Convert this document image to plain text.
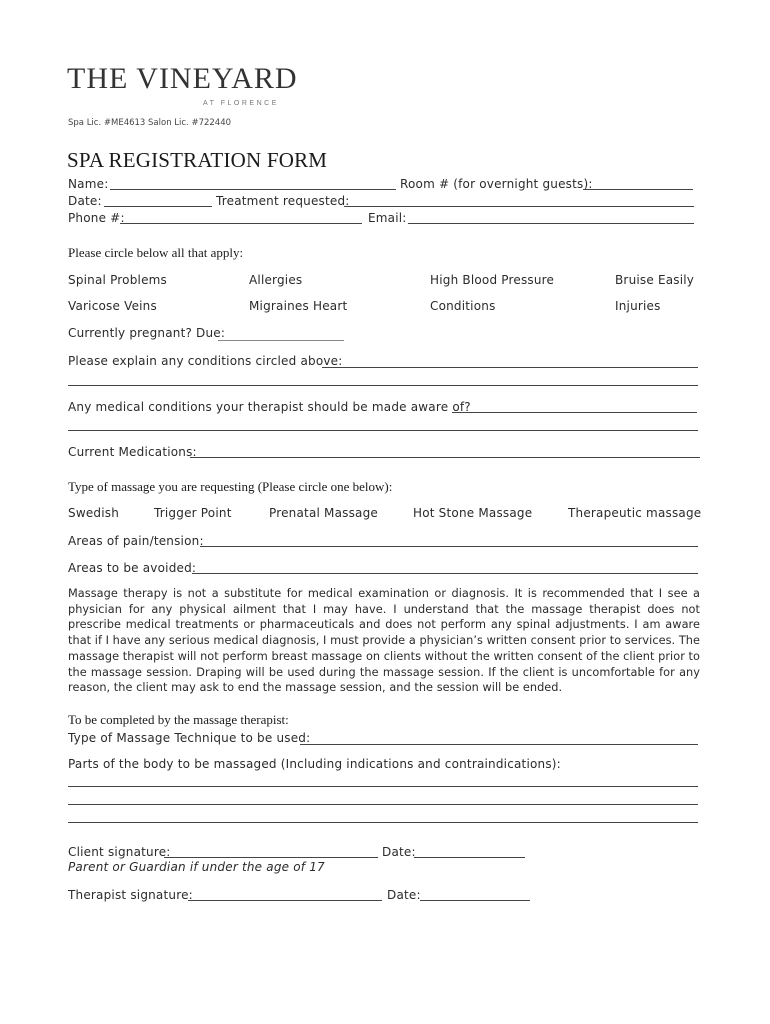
THE VINEYARD
AT FLORENCE
Spa Lic. #ME4613 Salon Lic. #722440
SPA REGISTRATION FORM
Name:	Room # (for overnight guests):
Date:	Treatment requested:
Phone #:	Email:
Please circle below all that apply:
Spinal Problems	Allergies	High Blood Pressure	Bruise Easily
Varicose Veins	Migraines Heart	Conditions	Injuries
Currently pregnant? Due:
Please explain any conditions circled above:
Any medical conditions your therapist should be made aware of?
Current Medications:
Type of massage you are requesting (Please circle one below):
Swedish	Trigger Point	Prenatal Massage	Hot Stone Massage	Therapeutic massage
Areas of pain/tension:
Areas to be avoided:
Massage therapy is not a substitute for medical examination or diagnosis. It is recommended that I see a physician for any physical ailment that I may have. I understand that the massage therapist does not prescribe medical treatments or pharmaceuticals and does not perform any spinal adjustments. I am aware that if I have any serious medical diagnosis, I must provide a physician’s written consent prior to services. The massage therapist will not perform breast massage on clients without the written consent of the client prior to the massage session. Draping will be used during the massage session. If the client is uncomfortable for any reason, the client may ask to end the massage session, and the session will be ended.
To be completed by the massage therapist:
Type of Massage Technique to be used:
Parts of the body to be massaged (Including indications and contraindications):
Client signature:	Date:
Parent or Guardian if under the age of 17
Therapist signature:	Date:
